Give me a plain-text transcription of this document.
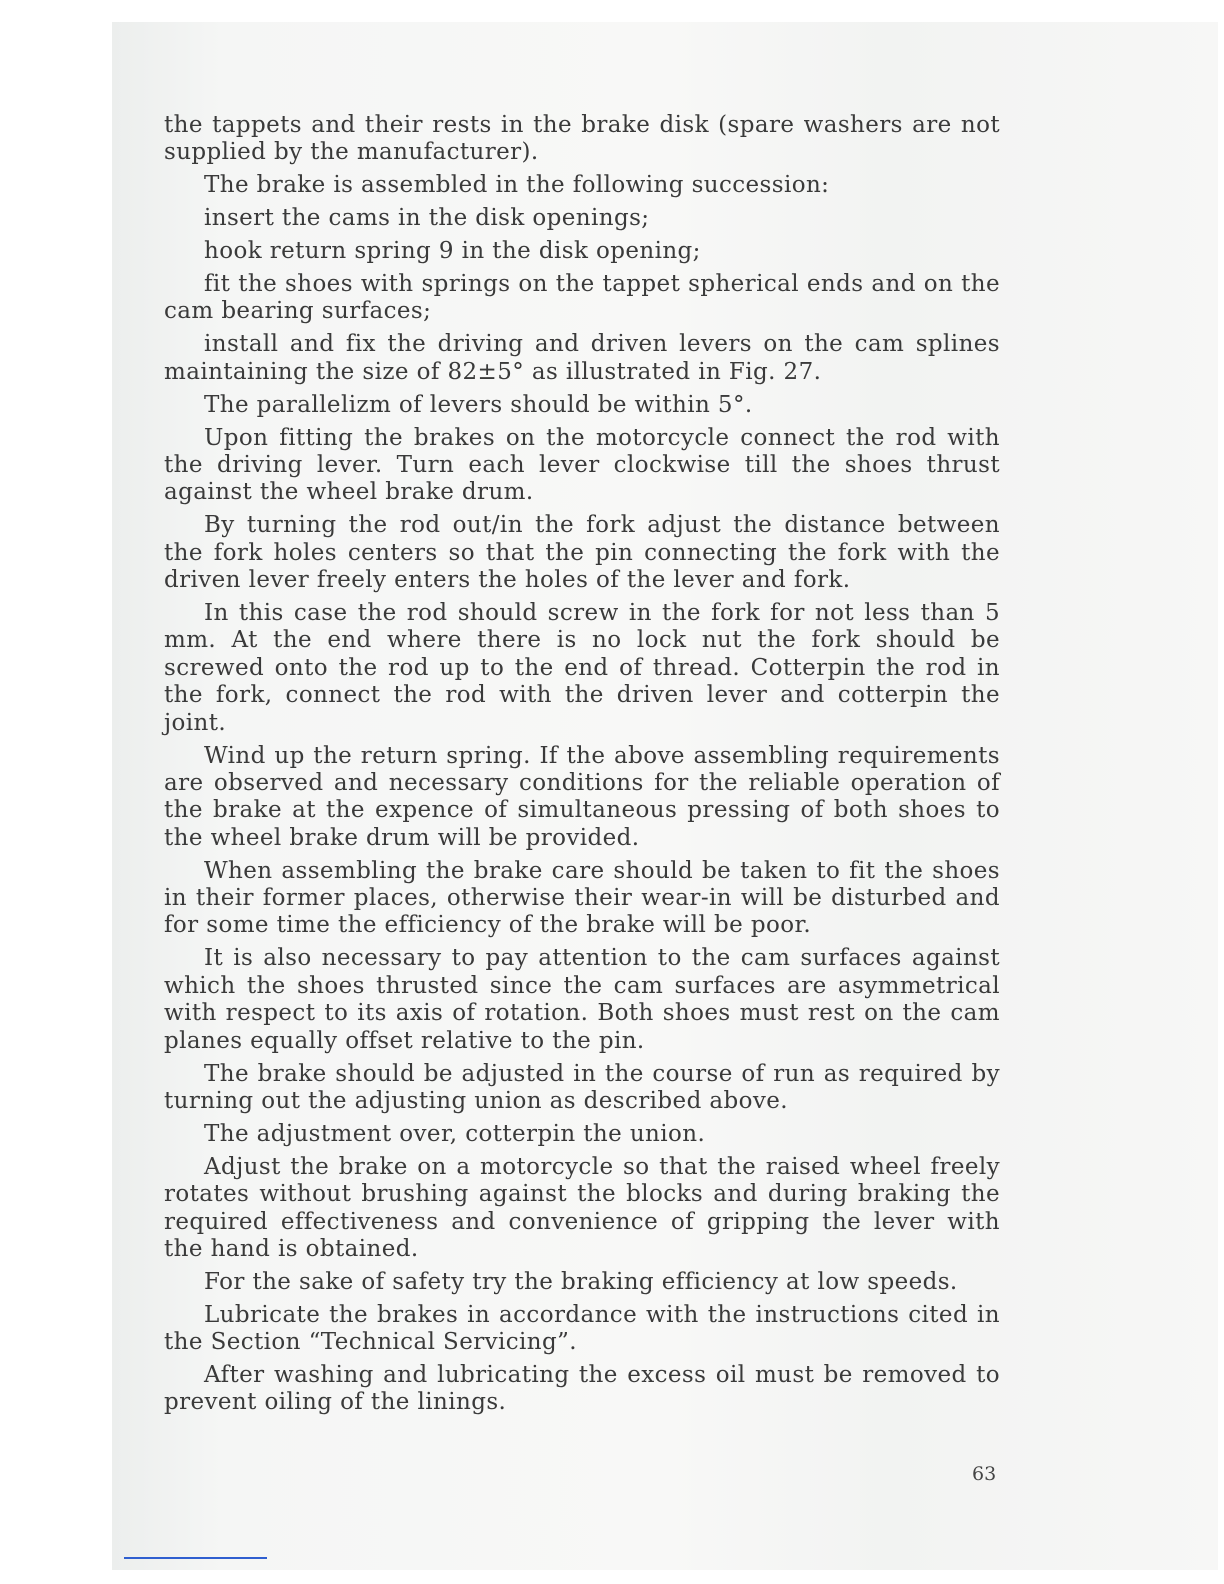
the tappets and their rests in the brake disk (spare washers are not supplied by the manufacturer).

The brake is assembled in the following succession:

insert the cams in the disk openings;

hook return spring 9 in the disk opening;

fit the shoes with springs on the tappet spherical ends and on the cam bearing surfaces;

install and fix the driving and driven levers on the cam splines maintaining the size of 82±5° as illustrated in Fig. 27.

The parallelizm of levers should be within 5°.

Upon fitting the brakes on the motorcycle connect the rod with the driving lever. Turn each lever clockwise till the shoes thrust against the wheel brake drum.

By turning the rod out/in the fork adjust the distance between the fork holes centers so that the pin connecting the fork with the driven lever freely enters the holes of the lever and fork.

In this case the rod should screw in the fork for not less than 5 mm. At the end where there is no lock nut the fork should be screwed onto the rod up to the end of thread. Cotterpin the rod in the fork, connect the rod with the driven lever and cotterpin the joint.

Wind up the return spring. If the above assembling requirements are observed and necessary conditions for the reliable operation of the brake at the expence of simultaneous pressing of both shoes to the wheel brake drum will be provided.

When assembling the brake care should be taken to fit the shoes in their former places, otherwise their wear-in will be disturbed and for some time the efficiency of the brake will be poor.

It is also necessary to pay attention to the cam surfaces against which the shoes thrusted since the cam surfaces are asymmetrical with respect to its axis of rotation. Both shoes must rest on the cam planes equally offset relative to the pin.

The brake should be adjusted in the course of run as required by turning out the adjusting union as described above.

The adjustment over, cotterpin the union.

Adjust the brake on a motorcycle so that the raised wheel freely rotates without brushing against the blocks and during braking the required effectiveness and convenience of gripping the lever with the hand is obtained.

For the sake of safety try the braking efficiency at low speeds.

Lubricate the brakes in accordance with the instructions cited in the Section “Technical Servicing”.

After washing and lubricating the excess oil must be removed to prevent oiling of the linings.

63
